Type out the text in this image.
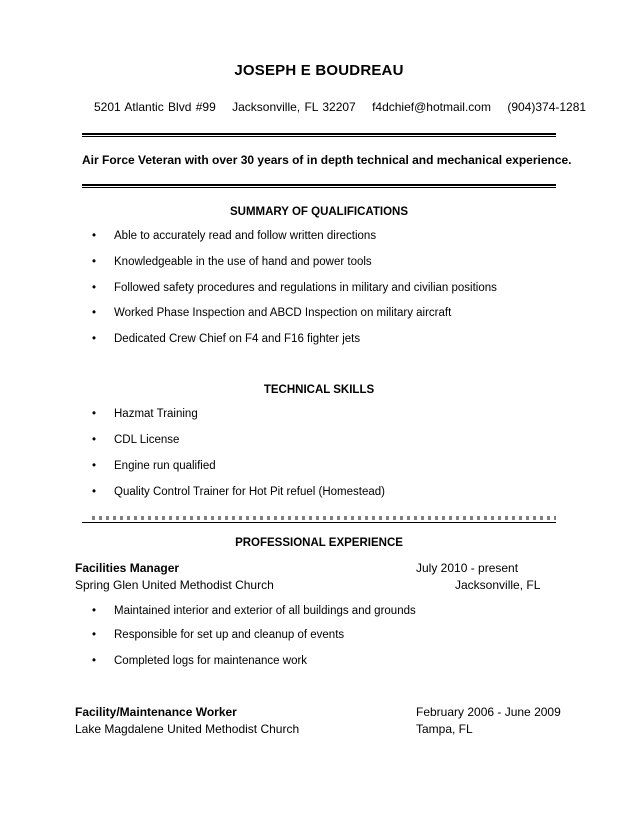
JOSEPH E BOUDREAU
5201 Atlantic Blvd #99 Jacksonville, FL 32207 f4dchief@hotmail.com (904)374-1281
Air Force Veteran with over 30 years of in depth technical and mechanical experience.
SUMMARY OF QUALIFICATIONS
• Able to accurately read and follow written directions
• Knowledgeable in the use of hand and power tools
• Followed safety procedures and regulations in military and civilian positions
• Worked Phase Inspection and ABCD Inspection on military aircraft
• Dedicated Crew Chief on F4 and F16 fighter jets
TECHNICAL SKILLS
• Hazmat Training
• CDL License
• Engine run qualified
• Quality Control Trainer for Hot Pit refuel (Homestead)
PROFESSIONAL EXPERIENCE
Facilities Manager	July 2010 - present
Spring Glen United Methodist Church	Jacksonville, FL
• Maintained interior and exterior of all buildings and grounds
• Responsible for set up and cleanup of events
• Completed logs for maintenance work
Facility/Maintenance Worker	February 2006 - June 2009
Lake Magdalene United Methodist Church	Tampa, FL
